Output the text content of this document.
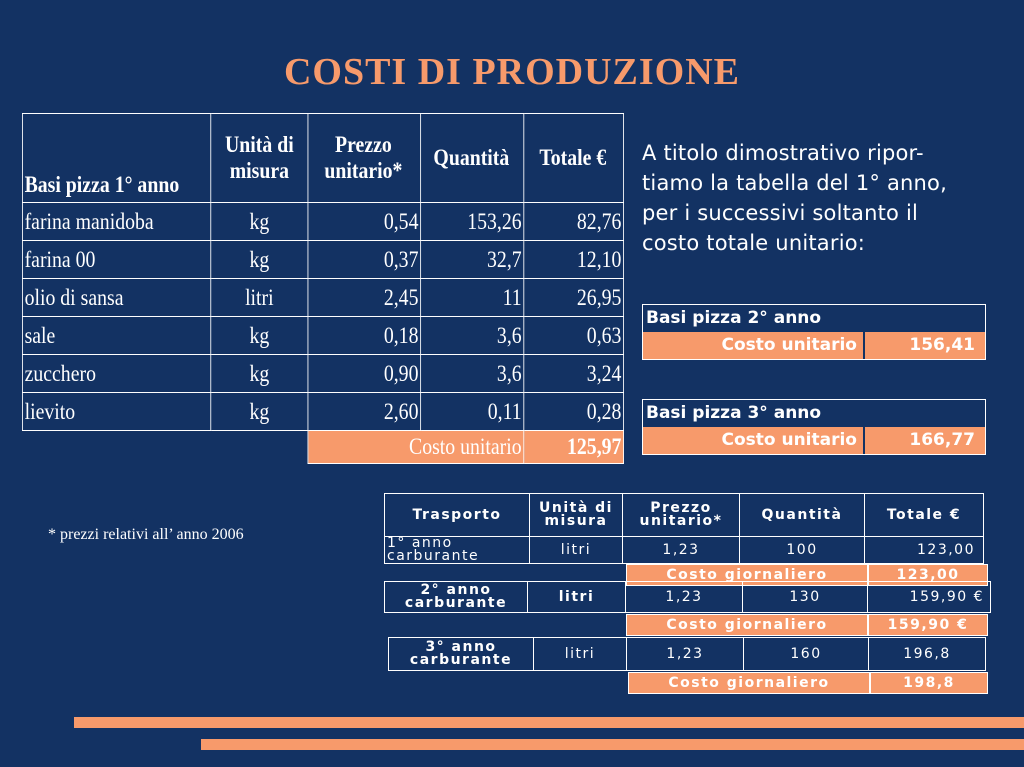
COSTI DI PRODUZIONE
Basi pizza 1° anno	Unità di misura	Prezzo unitario*	Quantità	Totale €
farina manidoba	kg	0,54	153,26	82,76
farina 00	kg	0,37	32,7	12,10
olio di sansa	litri	2,45	11	26,95
sale	kg	0,18	3,6	0,63
zucchero	kg	0,90	3,6	3,24
lievito	kg	2,60	0,11	0,28
		Costo unitario		125,97
A titolo dimostrativo ripor-
tiamo la tabella del 1° anno,
per i successivi soltanto il
costo totale unitario:
Basi pizza 2° anno
Costo unitario	156,41
Basi pizza 3° anno
Costo unitario	166,77
* prezzi relativi all’ anno 2006
Trasporto	Unità di misura	Prezzo unitario*	Quantità	Totale €
1° anno carburante	litri	1,23	100	123,00
Costo giornaliero	123,00
2° anno carburante	litri	1,23	130	159,90 €
Costo giornaliero	159,90 €
3° anno carburante	litri	1,23	160	196,8
Costo giornaliero	198,8
